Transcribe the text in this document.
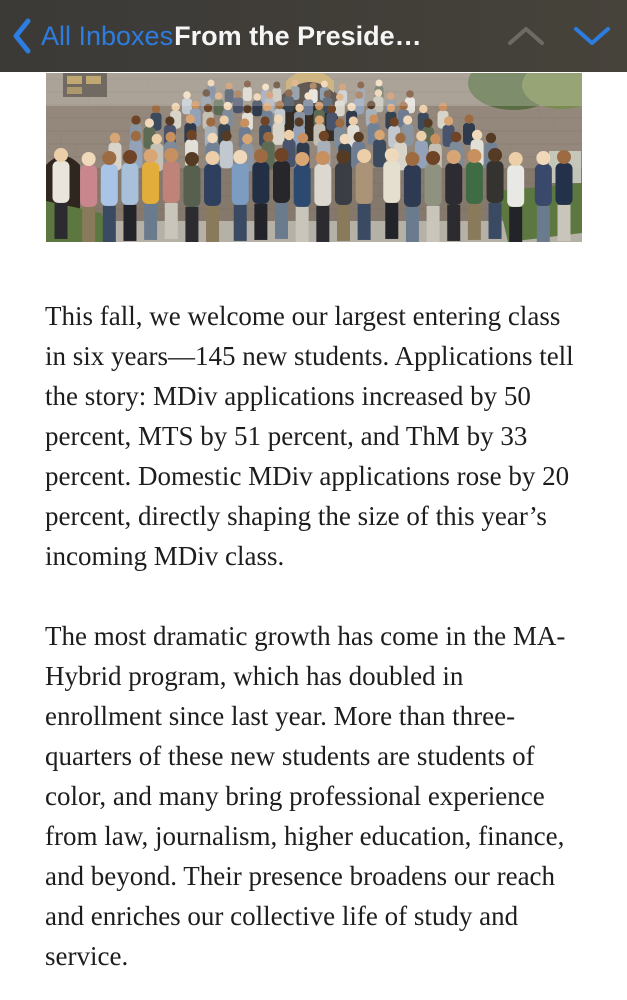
All Inboxes From the Preside…
This fall, we welcome our largest entering class
in six years—145 new students. Applications tell
the story: MDiv applications increased by 50
percent, MTS by 51 percent, and ThM by 33
percent. Domestic MDiv applications rose by 20
percent, directly shaping the size of this year’s
incoming MDiv class.
The most dramatic growth has come in the MA-
Hybrid program, which has doubled in
enrollment since last year. More than three-
quarters of these new students are students of
color, and many bring professional experience
from law, journalism, higher education, finance,
and beyond. Their presence broadens our reach
and enriches our collective life of study and
service.
